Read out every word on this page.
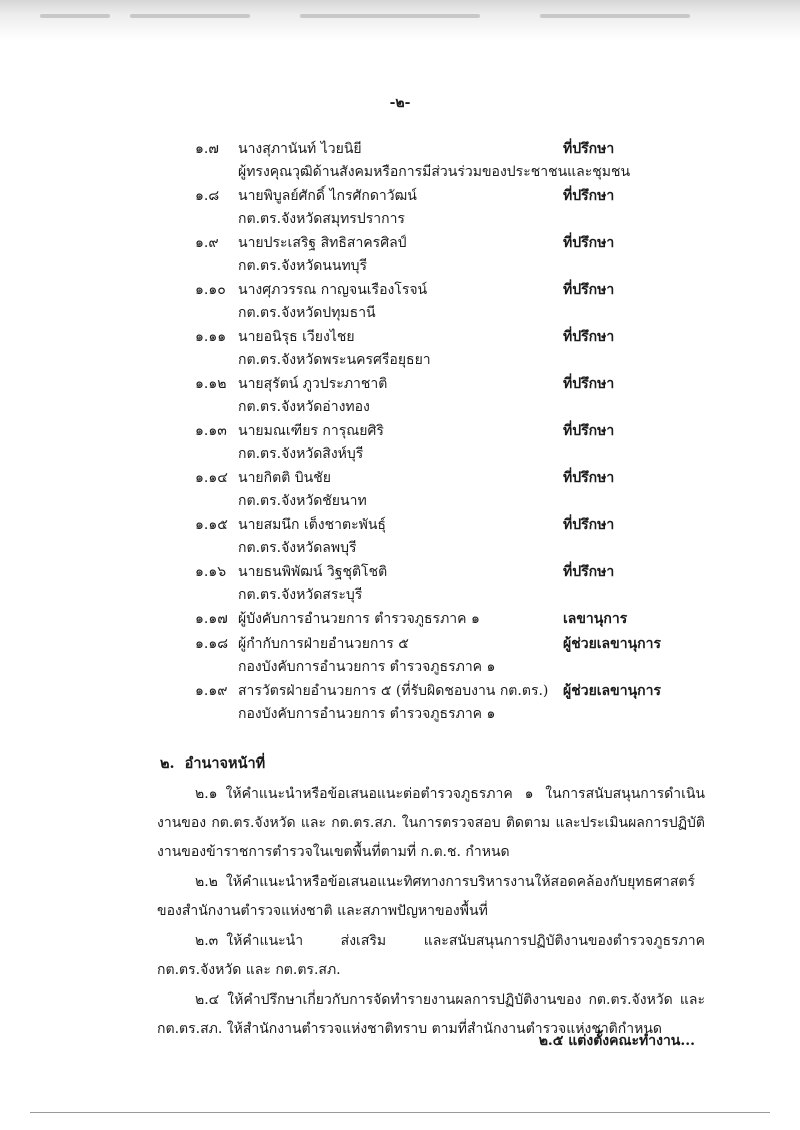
-๒-
๑.๗ นางสุภานันท์ ไวยนิยี
ผู้ทรงคุณวุฒิด้านสังคมหรือการมีส่วนร่วมของประชาชนและชุมชน
ที่ปรึกษา
๑.๘ นายพิบูลย์ศักดิ์ ไกรศักดาวัฒน์
กต.ตร.จังหวัดสมุทรปราการ
ที่ปรึกษา
๑.๙ นายประเสริฐ สิทธิสาครศิลป์
กต.ตร.จังหวัดนนทบุรี
ที่ปรึกษา
๑.๑๐ นางศุภวรรณ กาญจนเรืองโรจน์
กต.ตร.จังหวัดปทุมธานี
ที่ปรึกษา
๑.๑๑ นายอนิรุธ เวียงไชย
กต.ตร.จังหวัดพระนครศรีอยุธยา
ที่ปรึกษา
๑.๑๒ นายสุรัตน์ ภูวประภาชาติ
กต.ตร.จังหวัดอ่างทอง
ที่ปรึกษา
๑.๑๓ นายมณเฑียร การุณยศิริ
กต.ตร.จังหวัดสิงห์บุรี
ที่ปรึกษา
๑.๑๔ นายกิตติ บินชัย
กต.ตร.จังหวัดชัยนาท
ที่ปรึกษา
๑.๑๕ นายสมนึก เต็งชาตะพันธุ์
กต.ตร.จังหวัดลพบุรี
ที่ปรึกษา
๑.๑๖ นายธนพิพัฒน์ วิฐชุติโชติ
กต.ตร.จังหวัดสระบุรี
ที่ปรึกษา
๑.๑๗ ผู้บังคับการอำนวยการ ตำรวจภูธรภาค ๑	เลขานุการ
๑.๑๘ ผู้กำกับการฝ่ายอำนวยการ ๕
กองบังคับการอำนวยการ ตำรวจภูธรภาค ๑
ผู้ช่วยเลขานุการ
๑.๑๙ สารวัตรฝ่ายอำนวยการ ๕ (ที่รับผิดชอบงาน กต.ตร.)
กองบังคับการอำนวยการ ตำรวจภูธรภาค ๑
ผู้ช่วยเลขานุการ
๒. อำนาจหน้าที่

๒.๑ ให้คำแนะนำหรือข้อเสนอแนะต่อตำรวจภูธรภาค ๑ ในการสนับสนุนการดำเนินงานของ กต.ตร.จังหวัด และ กต.ตร.สภ. ในการตรวจสอบ ติดตาม และประเมินผลการปฏิบัติงานของข้าราชการตำรวจในเขตพื้นที่ตามที่ ก.ต.ช. กำหนด

๒.๒ ให้คำแนะนำหรือข้อเสนอแนะทิศทางการบริหารงานให้สอดคล้องกับยุทธศาสตร์ของสำนักงานตำรวจแห่งชาติ และสภาพปัญหาของพื้นที่

๒.๓ ให้คำแนะนำ ส่งเสริม และสนับสนุนการปฏิบัติงานของตำรวจภูธรภาค กต.ตร.จังหวัด และ กต.ตร.สภ.

๒.๔ ให้คำปรึกษาเกี่ยวกับการจัดทำรายงานผลการปฏิบัติงานของ กต.ตร.จังหวัด และ กต.ตร.สภ. ให้สำนักงานตำรวจแห่งชาติทราบ ตามที่สำนักงานตำรวจแห่งชาติกำหนด

๒.๕ แต่งตั้งคณะทำงาน...
